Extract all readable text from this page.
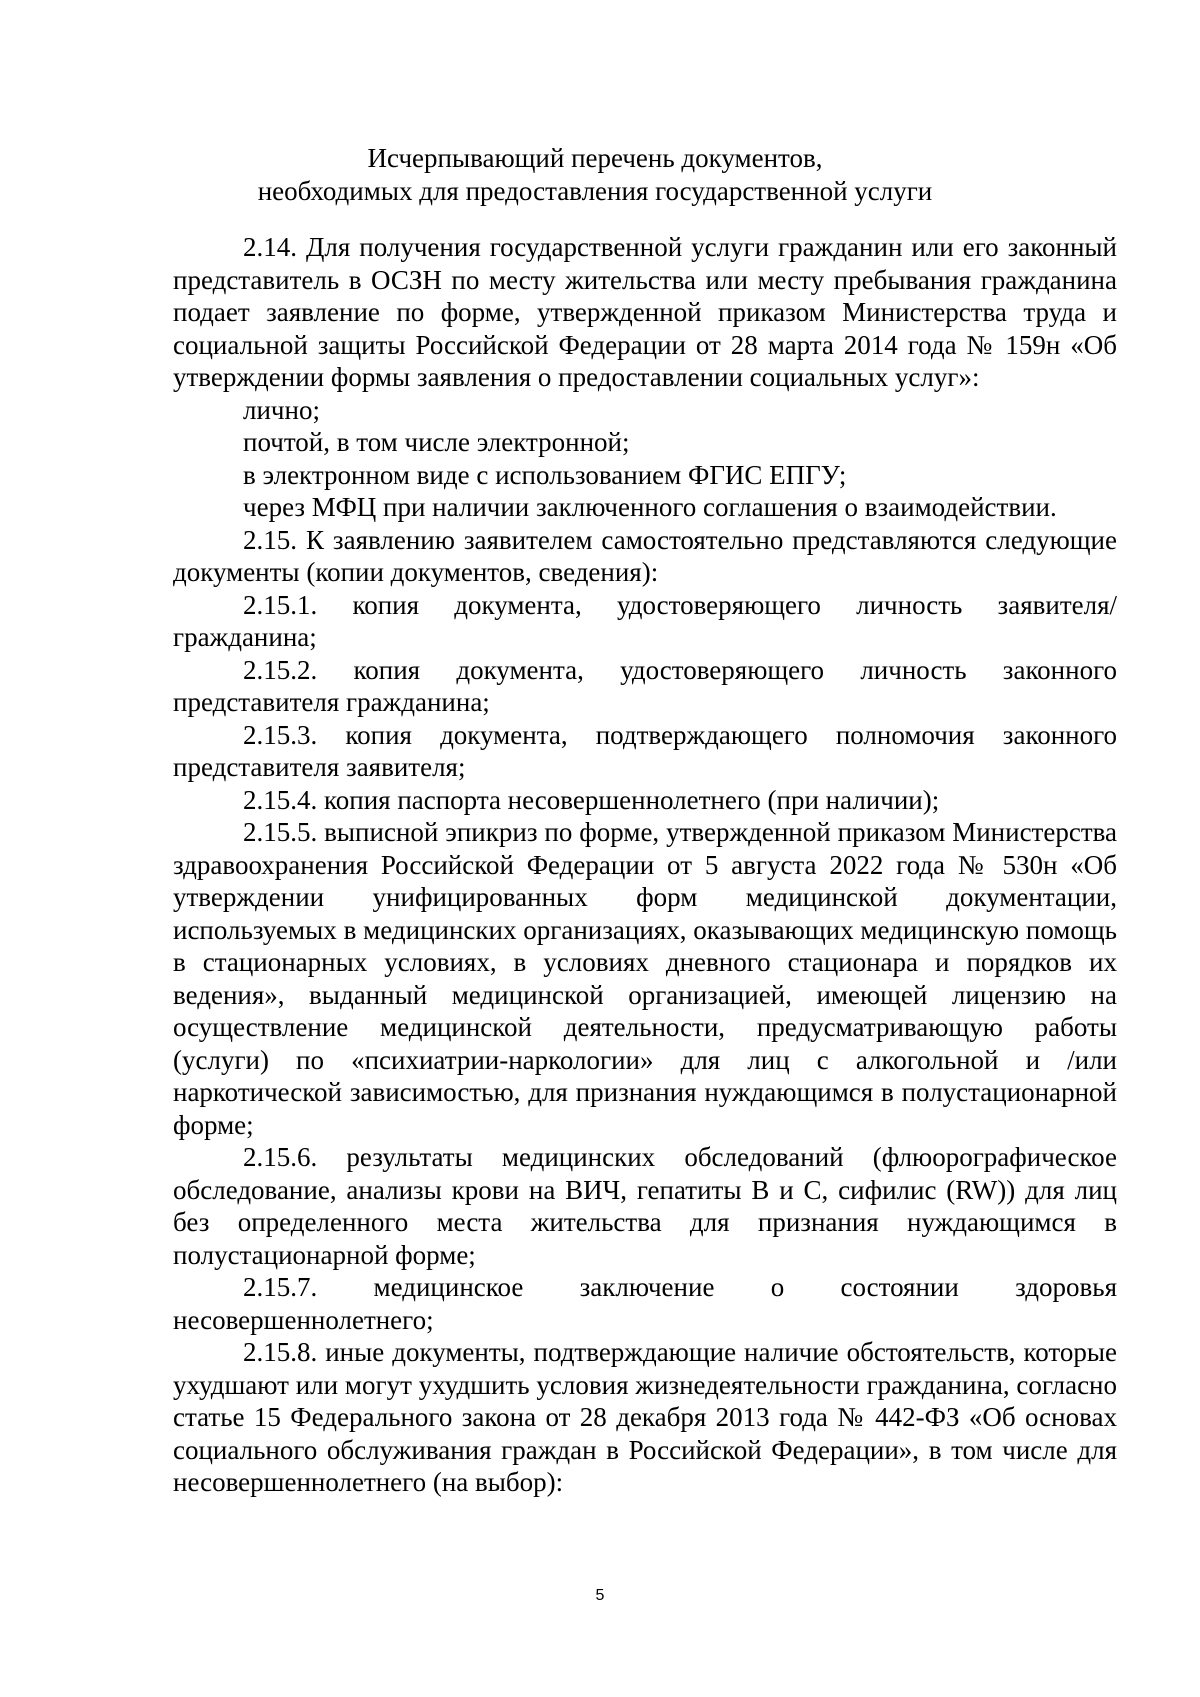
Исчерпывающий перечень документов,
необходимых для предоставления государственной услуги

2.14. Для получения государственной услуги гражданин или его законный представитель в ОСЗН по месту жительства или месту пребывания гражданина подает заявление по форме, утвержденной приказом Министерства труда и социальной защиты Российской Федерации от 28 марта 2014 года № 159н «Об утверждении формы заявления о предоставлении социальных услуг»:

лично;

почтой, в том числе электронной;

в электронном виде с использованием ФГИС ЕПГУ;

через МФЦ при наличии заключенного соглашения о взаимодействии.

2.15. К заявлению заявителем самостоятельно представляются следующие документы (копии документов, сведения):

2.15.1. копия документа, удостоверяющего личность заявителя/гражданина;

2.15.2. копия документа, удостоверяющего личность законного представителя гражданина;

2.15.3. копия документа, подтверждающего полномочия законного представителя заявителя;

2.15.4. копия паспорта несовершеннолетнего (при наличии);

2.15.5. выписной эпикриз по форме, утвержденной приказом Министерства здравоохранения Российской Федерации от 5 августа 2022 года № 530н «Об утверждении унифицированных форм медицинской документации, используемых в медицинских организациях, оказывающих медицинскую помощь в стационарных условиях, в условиях дневного стационара и порядков их ведения», выданный медицинской организацией, имеющей лицензию на осуществление медицинской деятельности, предусматривающую работы (услуги) по «психиатрии-наркологии» для лиц с алкогольной и /или наркотической зависимостью, для признания нуждающимся в полустационарной форме;

2.15.6. результаты медицинских обследований (флюорографическое обследование, анализы крови на ВИЧ, гепатиты В и С, сифилис (RW)) для лиц без определенного места жительства для признания нуждающимся в полустационарной форме;

2.15.7. медицинское заключение о состоянии здоровья несовершеннолетнего;

2.15.8. иные документы, подтверждающие наличие обстоятельств, которые ухудшают или могут ухудшить условия жизнедеятельности гражданина, согласно статье 15 Федерального закона от 28 декабря 2013 года № 442-ФЗ «Об основах социального обслуживания граждан в Российской Федерации», в том числе для несовершеннолетнего (на выбор):

5
